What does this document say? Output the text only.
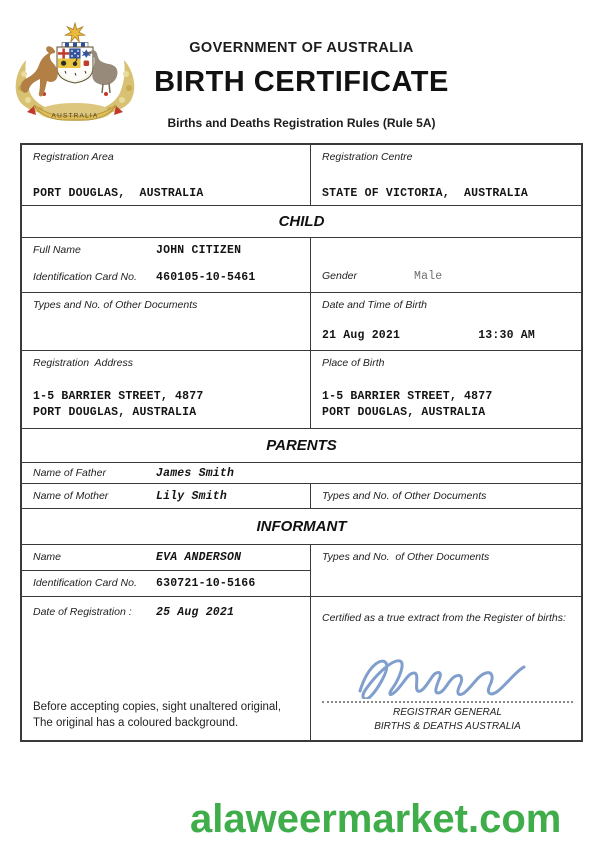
AUSTRALIA
GOVERNMENT OF AUSTRALIA
BIRTH CERTIFICATE
Births and Deaths Registration Rules (Rule 5A)
Registration Area
PORT DOUGLAS,  AUSTRALIA
Registration Centre
STATE OF VICTORIA,  AUSTRALIA
CHILD
Full Name	JOHN CITIZEN
Identification Card No.	460105-10-5461	Gender	Male
Types and No. of Other Documents	Date and Time of Birth
21 Aug 2021	13:30 AM
Registration  Address
1-5 BARRIER STREET, 4877
PORT DOUGLAS, AUSTRALIA
Place of Birth
1-5 BARRIER STREET, 4877
PORT DOUGLAS, AUSTRALIA
PARENTS
Name of Father	James Smith
Name of Mother	Lily Smith	Types and No. of Other Documents
INFORMANT
Name	EVA ANDERSON
Identification Card No.	630721-10-5166
Types and No.  of Other Documents
Date of Registration :	25 Aug 2021
Before accepting copies, sight unaltered original,
The original has a coloured background.
Certified as a true extract from the Register of births:
REGISTRAR GENERAL
BIRTHS & DEATHS AUSTRALIA
alaweermarket.com
